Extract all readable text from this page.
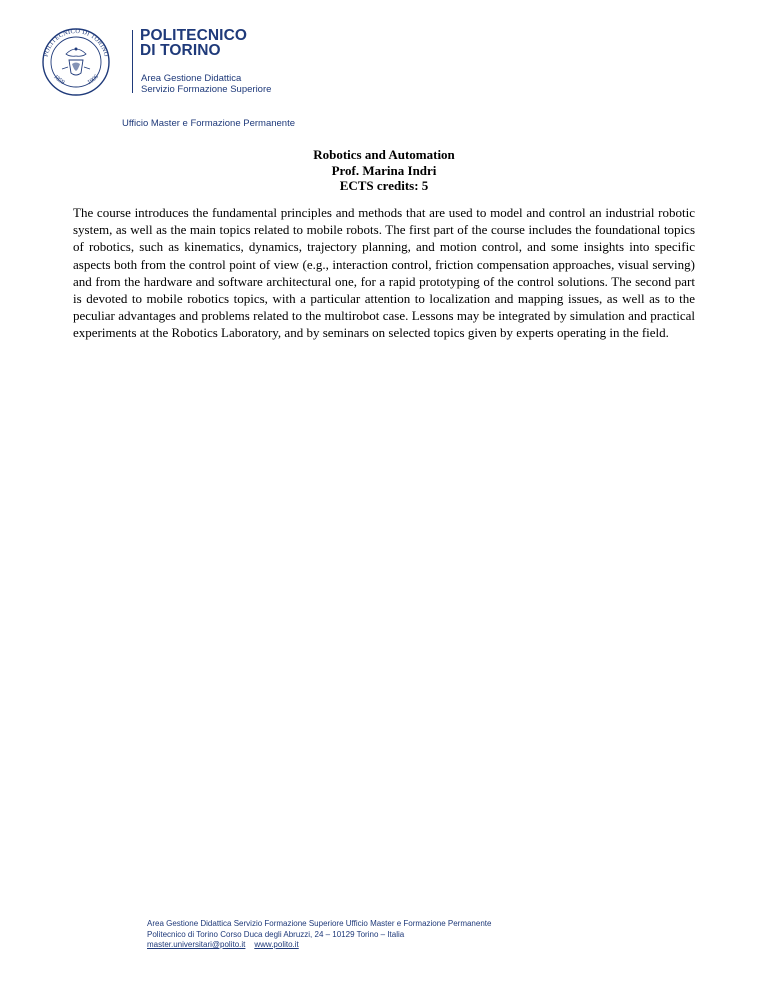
POLITECNICO DI TORINO
1859	1906
POLITECNICO
DI TORINO
Area Gestione Didattica
Servizio Formazione Superiore
Ufficio Master e Formazione Permanente
Robotics and Automation
Prof. Marina Indri
ECTS credits: 5

The course introduces the fundamental principles and methods that are used to model and control an industrial robotic system, as well as the main topics related to mobile robots. The first part of the course includes the foundational topics of robotics, such as kinematics, dynamics, trajectory planning, and motion control, and some insights into specific aspects both from the control point of view (e.g., interaction control, friction compensation approaches, visual serving) and from the hardware and software architectural one, for a rapid prototyping of the control solutions. The second part is devoted to mobile robotics topics, with a particular attention to localization and mapping issues, as well as to the peculiar advantages and problems related to the multirobot case. Lessons may be integrated by simulation and practical experiments at the Robotics Laboratory, and by seminars on selected topics given by experts operating in the field.

Area Gestione Didattica Servizio Formazione Superiore Ufficio Master e Formazione Permanente
Politecnico di Torino Corso Duca degli Abruzzi, 24 – 10129 Torino – Italia
master.universitari@polito.it www.polito.it
